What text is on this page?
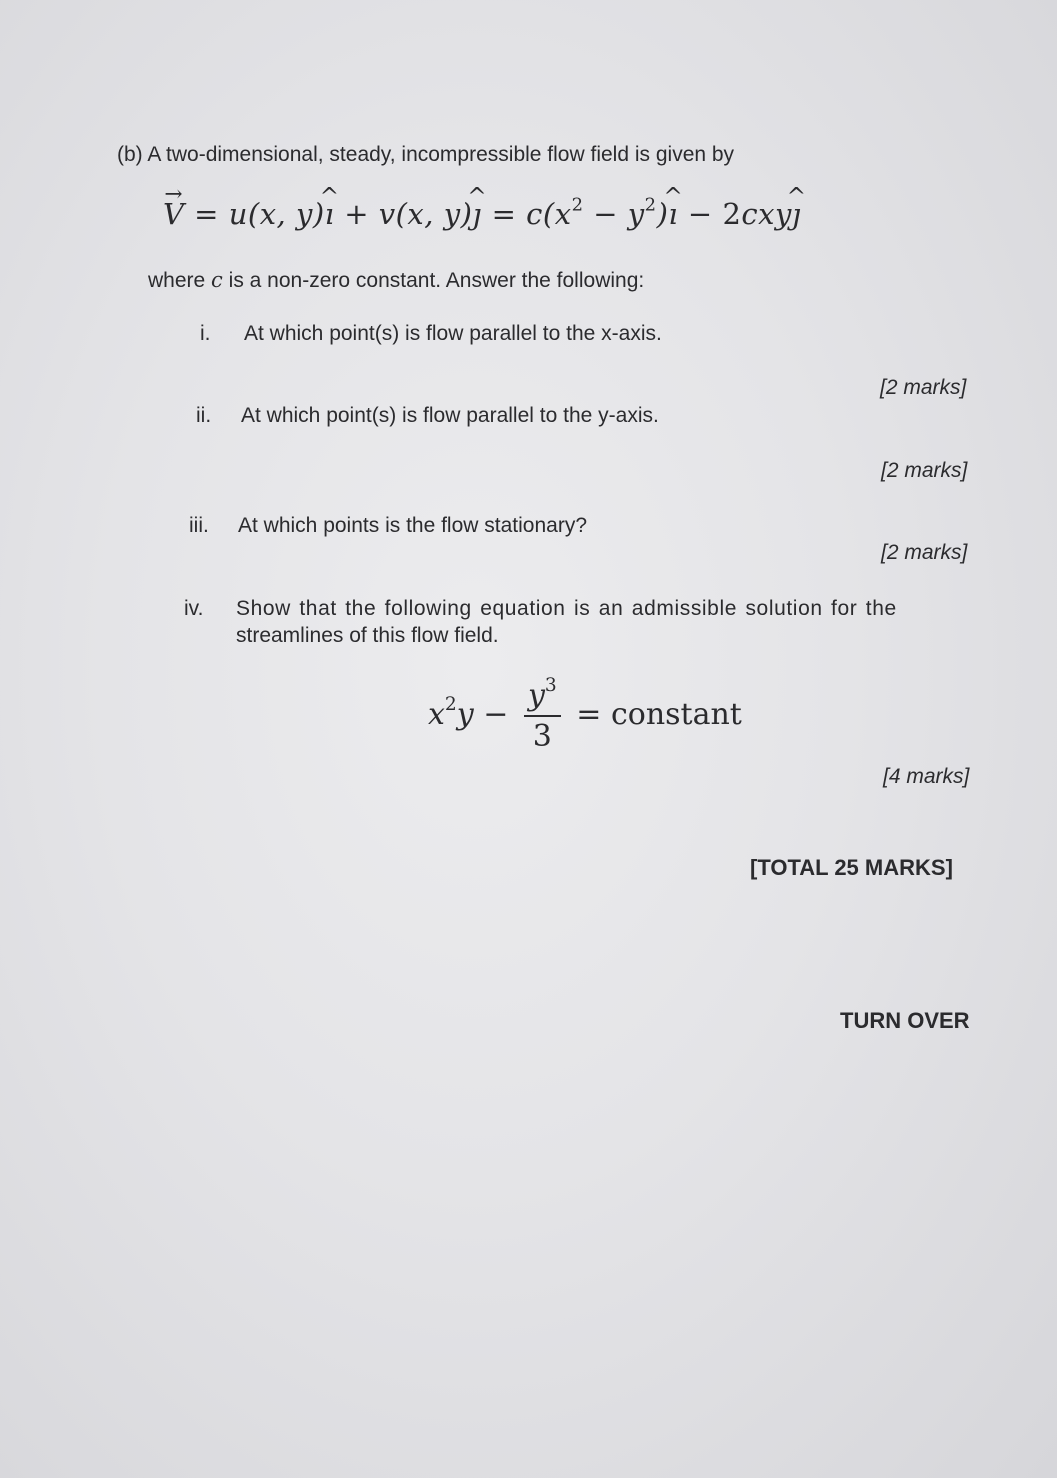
(b) A two-dimensional, steady, incompressible flow field is given by
→ V = u(x, y)^ ı + v(x, y)^ ȷ = $c(x^2$ − $y^2)\^{}$ ı − 2cxy^ ȷ
where c is a non-zero constant. Answer the following:
i. At which point(s) is flow parallel to the x-axis.
[2 marks]
ii. At which point(s) is flow parallel to the y-axis.
[2 marks]
iii. At which points is the flow stationary?
[2 marks]
iv. Show that the following equation is an admissible solution for the
streamlines of this flow field.
$x^2y - \frac{y^3}{3}$ = constant
[4 marks]
[TOTAL 25 MARKS]
TURN OVER
